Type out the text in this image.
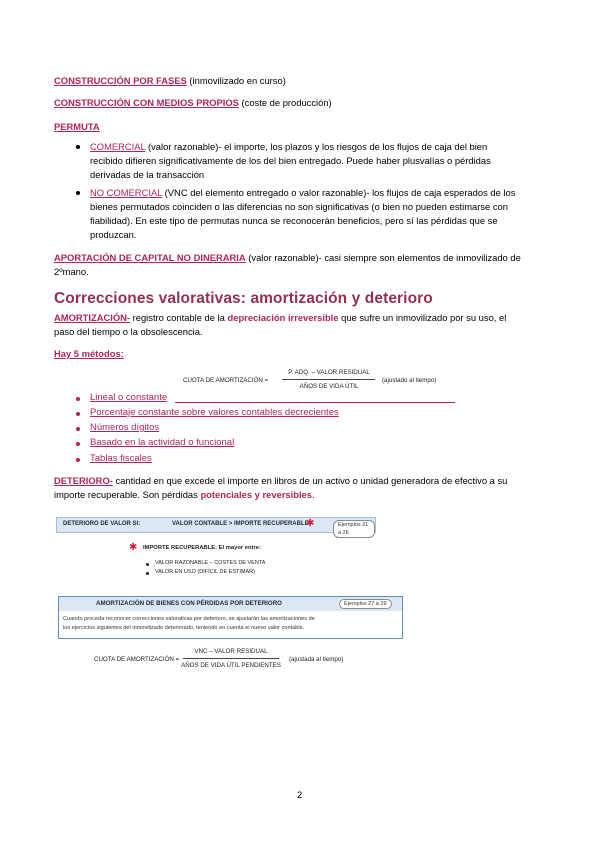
CONSTRUCCIÓN POR FASES (inmovilizado en curso)
CONSTRUCCIÓN CON MEDIOS PROPIOS (coste de producción)
PERMUTA
COMERCIAL (valor razonable)- el importe, los plazos y los riesgos de los flujos de caja del bien
recibido difieren significativamente de los del bien entregado. Puede haber plusvalías o pérdidas
derivadas de la transacción
NO COMERCIAL (VNC del elemento entregado o valor razonable)- los flujos de caja esperados de los
bienes permutados coinciden o las diferencias no son significativas (o bien no pueden estimarse con
fiabilidad). En este tipo de permutas nunca se reconocerán beneficios, pero sí las pérdidas que se
produzcan.
APORTACIÓN DE CAPITAL NO DINERARIA (valor razonable)- casi siempre son elementos de inmovilizado de
2ºmano.
Correcciones valorativas: amortización y deterioro
AMORTIZACIÓN- registro contable de la depreciación irreversible que sufre un inmovilizado por su uso, el
paso del tiempo o la obsolescencia.
Hay 5 métodos:
CUOTA DE AMORTIZACIÓN =
P. ADQ. – VALOR RESIDUAL
AÑOS DE VIDA ÚTIL
(ajustado al tiempo)
Lineal o constante
Porcentaje constante sobre valores contables decrecientes
Números dígitos
Basado en la actividad o funcional
Tablas fiscales
DETERIORO- cantidad en que excede el importe en libros de un activo o unidad generadora de efectivo a su
importe recuperable. Son pérdidas potenciales y reversibles.
DETERIORO DE VALOR SI:	VALOR CONTABLE > IMPORTE RECUPERABLE
✱	Ejemplos 21 a 26
✱ IMPORTE RECUPERABLE: El mayor entre:
VALOR RAZONABLE – COSTES DE VENTA
VALOR EN USO (DIFÍCIL DE ESTIMAR)
AMORTIZACIÓN DE BIENES CON PÉRDIDAS POR DETERIORO	Ejemplos 27 a 29
Cuando proceda reconocer correcciones valorativas por deterioro, se ajustarán las amortizaciones de
los ejercicios siguientes del inmovilizado deteriorado, teniendo en cuenta el nuevo valor contable.
CUOTA DE AMORTIZACIÓN =
VNC – VALOR RESIDUAL
AÑOS DE VIDA ÚTIL PENDIENTES
(ajustada al tiempo)
2
